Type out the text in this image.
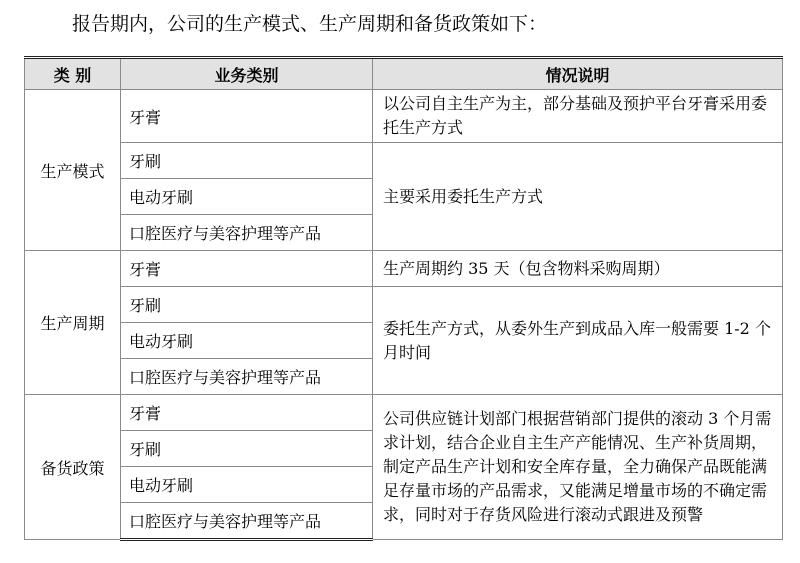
报告期内，公司的生产模式、生产周期和备货政策如下：
类 别	业务类别	情况说明
生产模式	牙膏	以公司自主生产为主，部分基础及预护平台牙膏采用委托生产方式
	牙刷	主要采用委托生产方式
	电动牙刷	
	口腔医疗与美容护理等产品	
生产周期	牙膏	生产周期约 35 天（包含物料采购周期）
	牙刷	委托生产方式，从委外生产到成品入库一般需要 1-2 个月时间
	电动牙刷	
	口腔医疗与美容护理等产品	
备货政策	牙膏	公司供应链计划部门根据营销部门提供的滚动 3 个月需求计划，结合企业自主生产产能情况、生产补货周期，制定产品生产计划和安全库存量，全力确保产品既能满足存量市场的产品需求，又能满足增量市场的不确定需求，同时对于存货风险进行滚动式跟进及预警
	牙刷	
	电动牙刷	
	口腔医疗与美容护理等产品	
